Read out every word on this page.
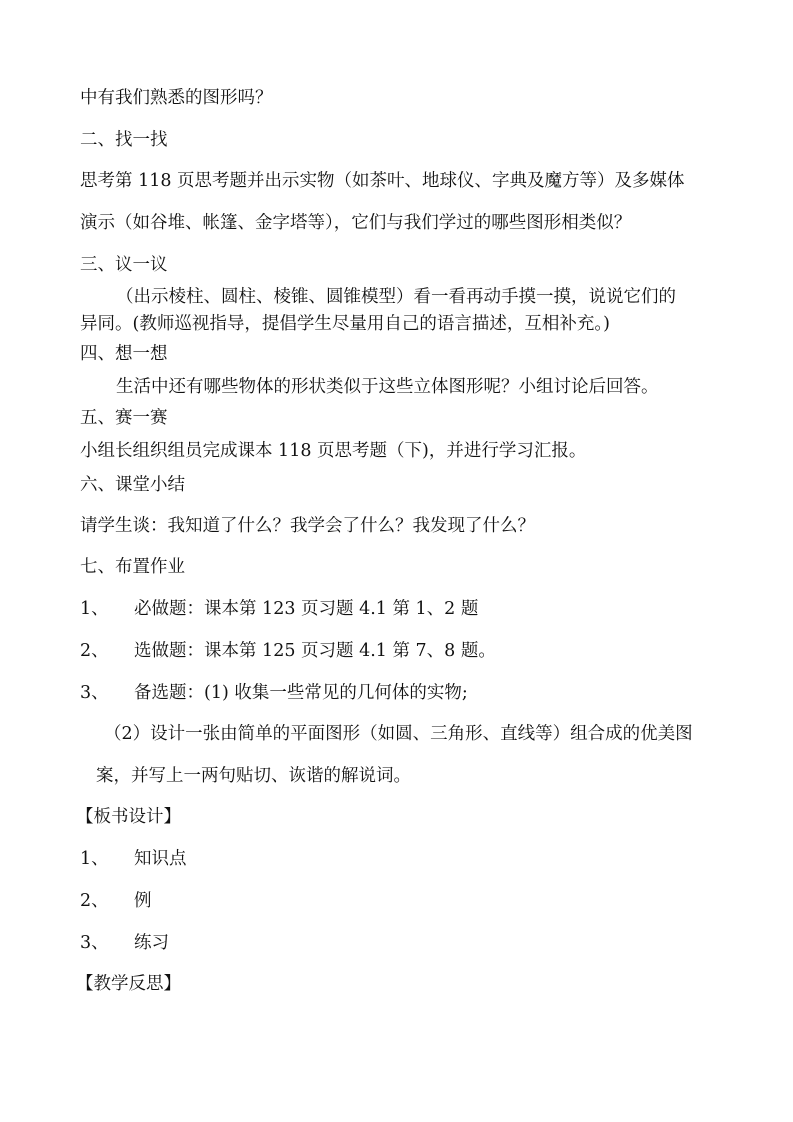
中有我们熟悉的图形吗？
二、找一找
思考第 118 页思考题并出示实物（如茶叶、地球仪、字典及魔方等）及多媒体
演示（如谷堆、帐篷、金字塔等），它们与我们学过的哪些图形相类似？
三、议一议
（出示棱柱、圆柱、棱锥、圆锥模型）看一看再动手摸一摸，说说它们的
异同。(教师巡视指导，提倡学生尽量用自己的语言描述，互相补充。)
四、想一想
生活中还有哪些物体的形状类似于这些立体图形呢？小组讨论后回答。
五、赛一赛
小组长组织组员完成课本 118 页思考题（下)，并进行学习汇报。
六、课堂小结
请学生谈：我知道了什么？我学会了什么？我发现了什么？
七、布置作业
1、 必做题：课本第 123 页习题 4.1 第 1、2 题
2、 选做题：课本第 125 页习题 4.1 第 7、8 题。
3、 备选题：(1) 收集一些常见的几何体的实物;
（2）设计一张由简单的平面图形（如圆、三角形、直线等）组合成的优美图
案，并写上一两句贴切、诙谐的解说词。
【板书设计】
1、 知识点
2、 例
3、 练习
【教学反思】
